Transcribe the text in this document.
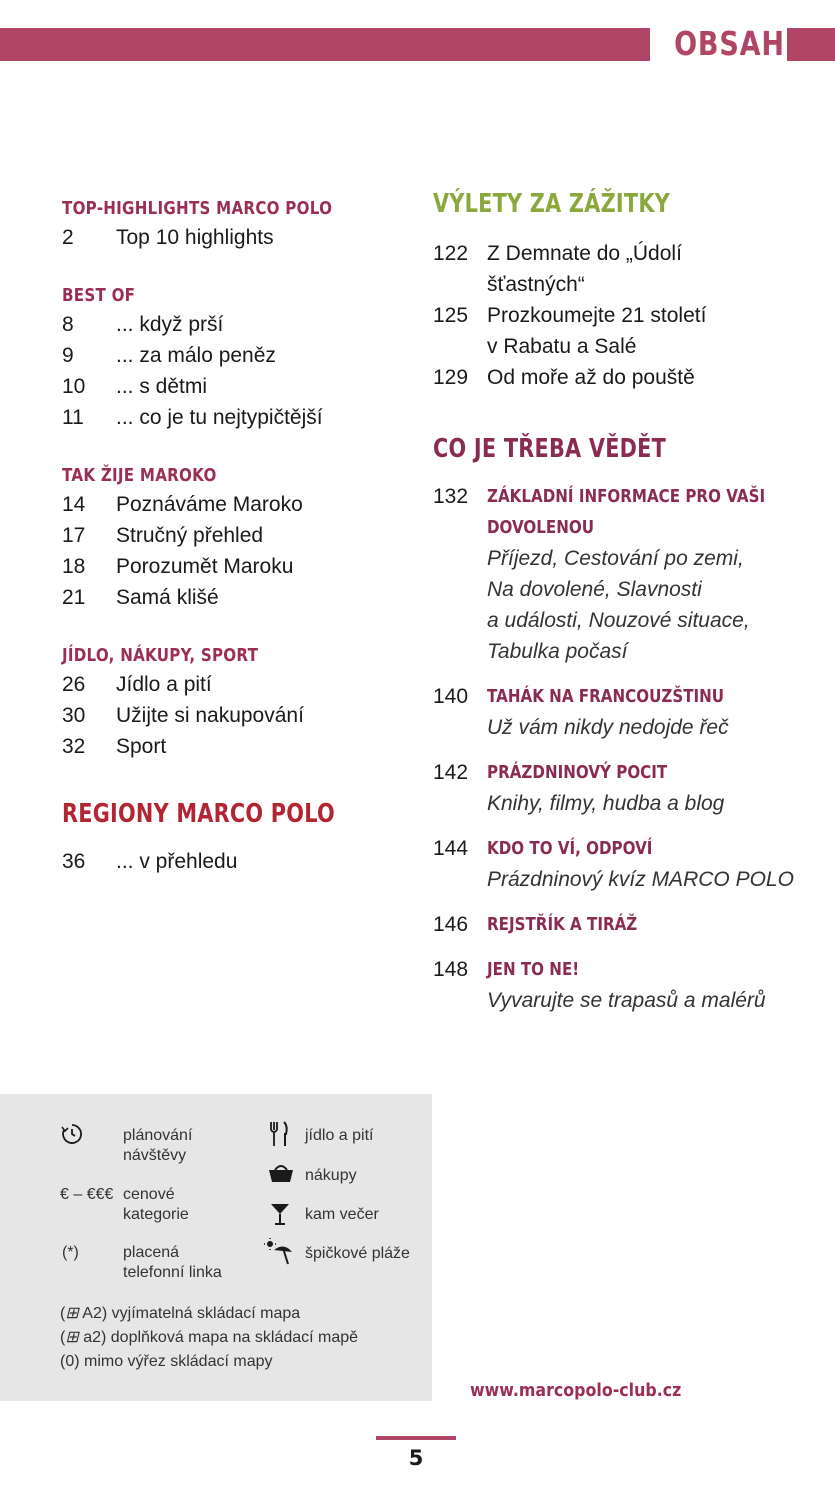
OBSAH
TOP-HIGHLIGHTS MARCO POLO
2	Top 10 highlights
BEST OF
8	... když prší
9	... za málo peněz
10	... s dětmi
11	... co je tu nejtypičtější
TAK ŽIJE MAROKO
14	Poznáváme Maroko
17	Stručný přehled
18	Porozumět Maroku
21	Samá klišé
JÍDLO, NÁKUPY, SPORT
26	Jídlo a pití
30	Užijte si nakupování
32	Sport
REGIONY MARCO POLO
36	... v přehledu
VÝLETY ZA ZÁŽITKY
122 Z Demnate do „Údolí
šťastných“
125 Prozkoumejte 21 století
v Rabatu a Salé
129 Od moře až do pouště
CO JE TŘEBA VĚDĚT
132	ZÁKLADNÍ INFORMACE PRO VAŠI
DOVOLENOU
Příjezd, Cestování po zemi,
Na dovolené, Slavnosti
a události, Nouzové situace,
Tabulka počasí
140	TAHÁK NA FRANCOUZŠTINU
Už vám nikdy nedojde řeč
142	PRÁZDNINOVÝ POCIT
Knihy, filmy, hudba a blog
144	KDO TO VÍ, ODPOVÍ
Prázdninový kvíz MARCO POLO
146	REJSTŘÍK A TIRÁŽ
148	JEN TO NE!
Vyvarujte se trapasů a malérů
plánování
návštěvy
€ – €€€ cenové
kategorie
(*)	placená
telefonní linka
jídlo a pití
nákupy
kam večer
špičkové pláže
(⊞ A2) vyjímatelná skládací mapa
(⊞ a2) doplňková mapa na skládací mapě
(0) mimo výřez skládací mapy
www.marcopolo-club.cz
5
